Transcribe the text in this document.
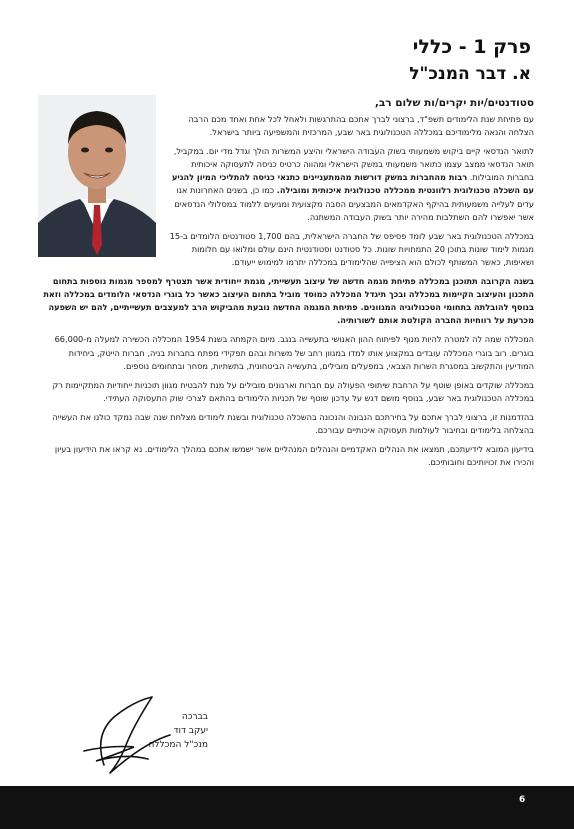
פרק 1 - כללי
א. דבר המנכ"ל

סטודנטים/יות יקרים/ות שלום רב,

עם פתיחת שנת הלימודים תשפ"ד, ברצוני לברך אתכם בהתרגשות ולאחל לכל אחת ואחד מכם הרבה הצלחה והנאה מלימודיכם במכללה הטכנולוגית באר שבע, המרכזית והמשפיעה ביותר בישראל.

לתואר הנדסאי קיים ביקוש משמעותי בשוק העבודה הישראלי והיצע המשרות הולך וגדל מדי יום. במקביל, תואר הנדסאי ממצב עצמו כתואר משמעותי במשק הישראלי ומהווה כרטיס כניסה לתעסוקה איכותית בחברות המובילות. רבות מהחברות במשק דורשות מהמתעניינים כתנאי כניסה להתליכי המיון להגיע עם השכלה טכנולוגית רלוונטית ממכללה טכנולוגית איכותית ומובילה. כמו כן, בשנים האחרונות אנו עדים לעלייה משמעותית בהיקף האקדמאים המבצעים הסבה מקצועית ומגיעים ללמוד במסלולי הנדסאים אשר יאפשרו להם השתלבות מהירה יותר בשוק העבודה המשתנה.

במכללה הטכנולוגית באר שבע לומד פסיפס של החברה הישראלית, בהם 1,700 סטודנטים הלומדים ב-15 מגמות לימוד שונות בתוכן 20 התמחויות שונות. כל סטודנט וסטודנטית הינם עולם ומלואו עם חלומות ושאיפות, כאשר המשותף לכולם הוא הציפייה שהלימודים במכללה יתרמו למימוש ייעודם.

בשנה הקרובה תתוכנן במכללה פתיחת מגמה חדשה של עיצוב תעשייתי, מגמת ייחודית אשר תצטרף למספר מגמות נוספות בתחום התכנון והעיצוב הקיימות במכללה ובכך תיגדל המכללה כמוסד מוביל בתחום העיצוב כאשר כל בוגרי הנדסאי הלומדים במכללה וזאת בנוסף להובלתה בתחומי הטכנולוגיה המגוונים. פתיחת המגמה החדשה נובעת מהביקוש הרב למעצבים תעשייתיים, להם יש השפעה מכרעת על רווחיות החברה הקולטת אותם לשורותיה.

המכללה שמה לה למטרה להיות מנוף לפיתוח ההון האנושי בתעשייה בנגב. מיום הקמתה בשנת 1954 המכללה הכשירה למעלה מ-66,000 בוגרים. רוב בוגרי המכללה עובדים במקצוע אותו למדו במגוון רחב של משרות ובהם תפקידי מפתח בחברות בניה, חברות הייטק, ביחידות המודיעין והתקשוב במסגרת השרות הצבאי, במפעלים מובילים, בתעשייה הביטחונית, בתשתיות, מסחר ובתחומים נוספים.

במכללה שוקדים באופן שוטף על הרחבת שיתופי הפעולה עם חברות וארגונים מובילים על מנת להבטיח מגוון תוכניות ייחודיות המתקיימות רק במכללה הטכנולוגית באר שבע, בנוסף מושם דגש על עדכון שוטף של תכניות הלימודים בהתאם לצרכי שוק התעסוקה העתידי.

בהזדמנות זו, ברצוני לברך אתכם על בחירתכם הנבונה והנכונה בהשכלה טכנולוגית ובשנת לימודים מצלחת שנה שבה נמקד כולנו את העשייה בהצלחה בלימודים ובחיבור לעולמות תעסוקה איכותיים עבורכם.

בידיעון המובא לידיעתכם, תמצאו את הנהלים האקדמיים והנהלים המנהליים אשר ישמשו אתכם במהלך הלימודים. נא קראו את הידיעון בעיון והכירו את זכויותיכם וחובותיכם.

בברכה
יעקב דוד
מנכ"ל המכללה
6
